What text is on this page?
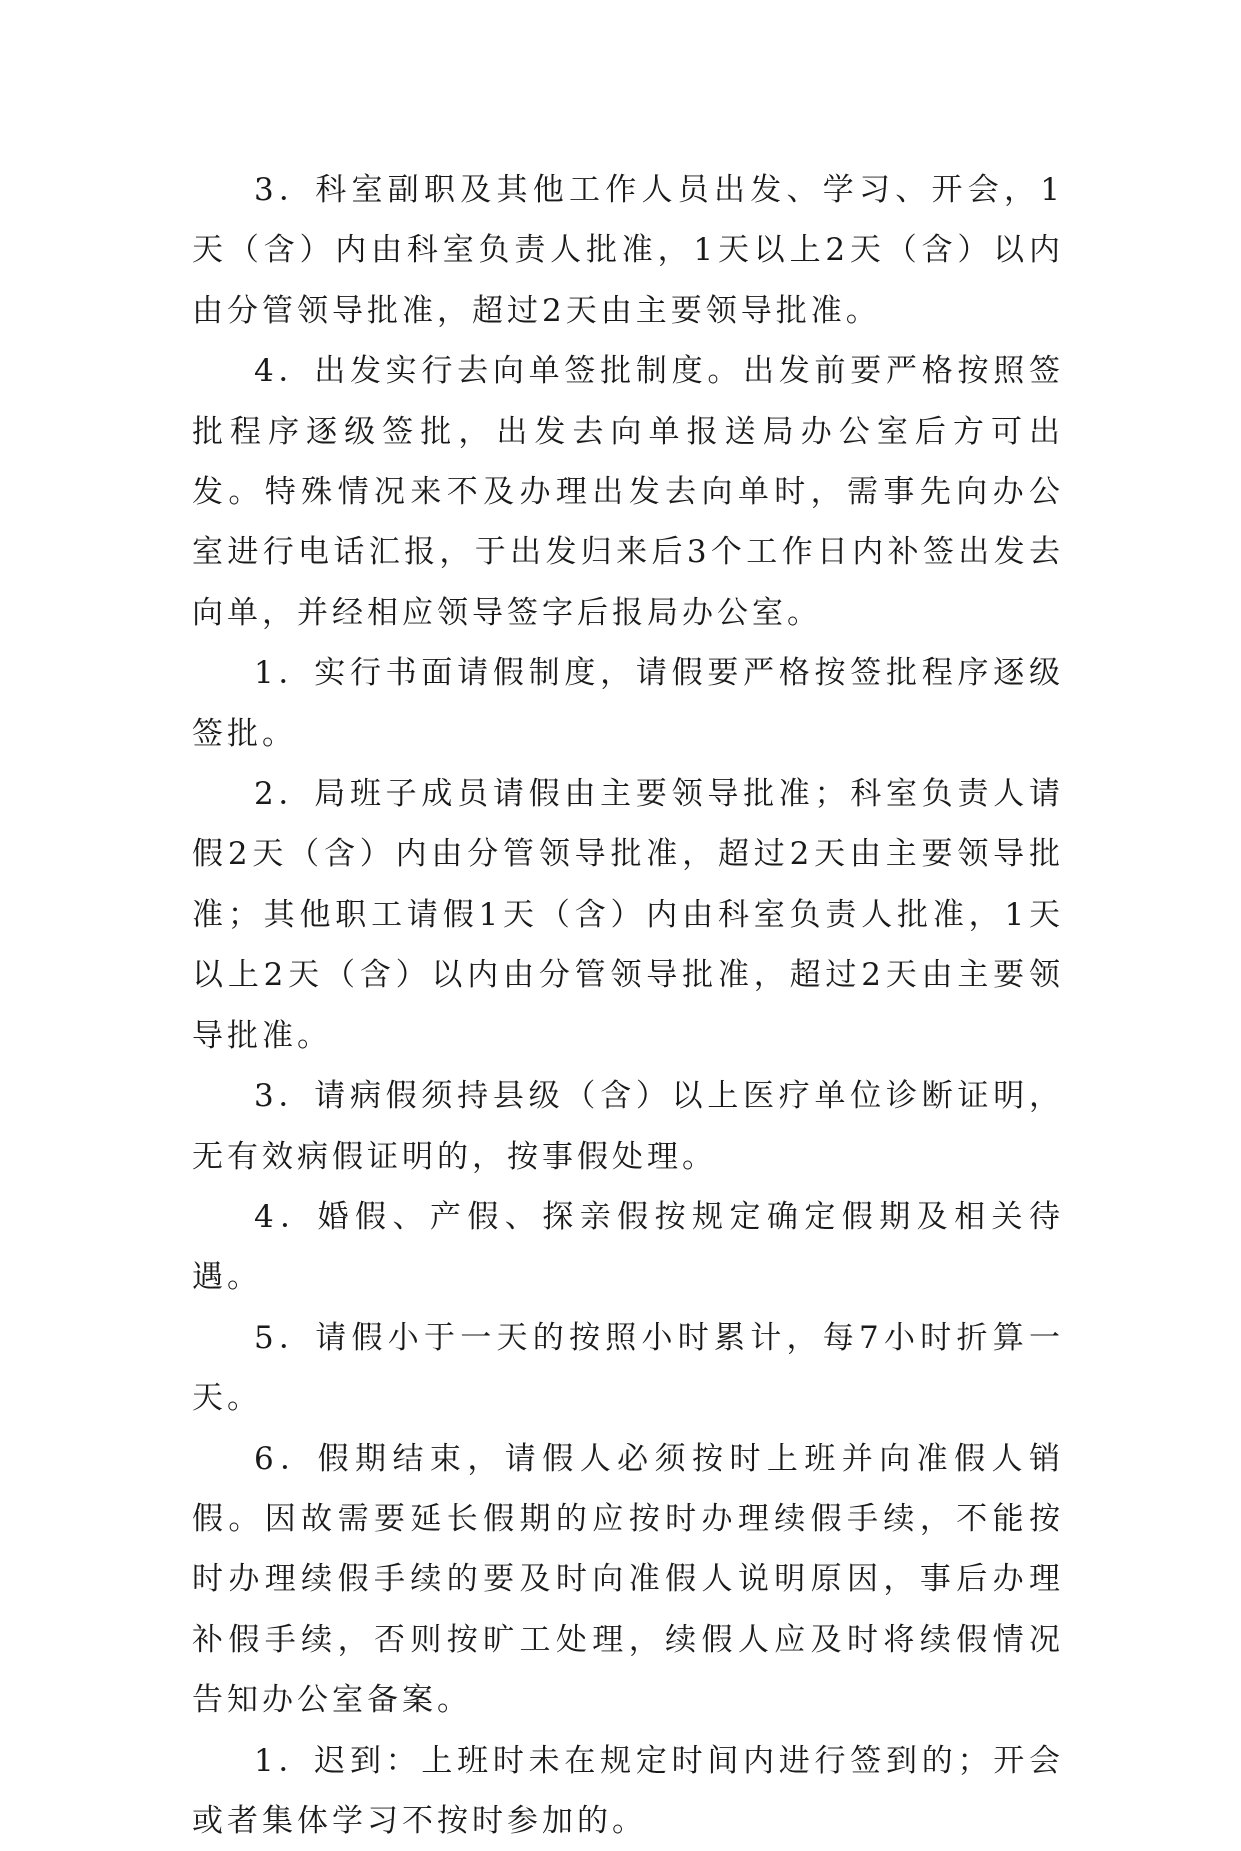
3．科室副职及其他工作人员出发、学习、开会，1天（含）内由科室负责人批准，1天以上2天（含）以内由分管领导批准，超过2天由主要领导批准。

4．出发实行去向单签批制度。出发前要严格按照签批程序逐级签批，出发去向单报送局办公室后方可出发。特殊情况来不及办理出发去向单时，需事先向办公室进行电话汇报，于出发归来后3个工作日内补签出发去向单，并经相应领导签字后报局办公室。

1．实行书面请假制度，请假要严格按签批程序逐级签批。

2．局班子成员请假由主要领导批准；科室负责人请假2天（含）内由分管领导批准，超过2天由主要领导批准；其他职工请假1天（含）内由科室负责人批准，1天以上2天（含）以内由分管领导批准，超过2天由主要领导批准。

3．请病假须持县级（含）以上医疗单位诊断证明，无有效病假证明的，按事假处理。

4．婚假、产假、探亲假按规定确定假期及相关待遇。

5．请假小于一天的按照小时累计，每7小时折算一天。

6．假期结束，请假人必须按时上班并向准假人销假。因故需要延长假期的应按时办理续假手续，不能按时办理续假手续的要及时向准假人说明原因，事后办理补假手续，否则按旷工处理，续假人应及时将续假情况告知办公室备案。

1．迟到：上班时未在规定时间内进行签到的；开会或者集体学习不按时参加的。
